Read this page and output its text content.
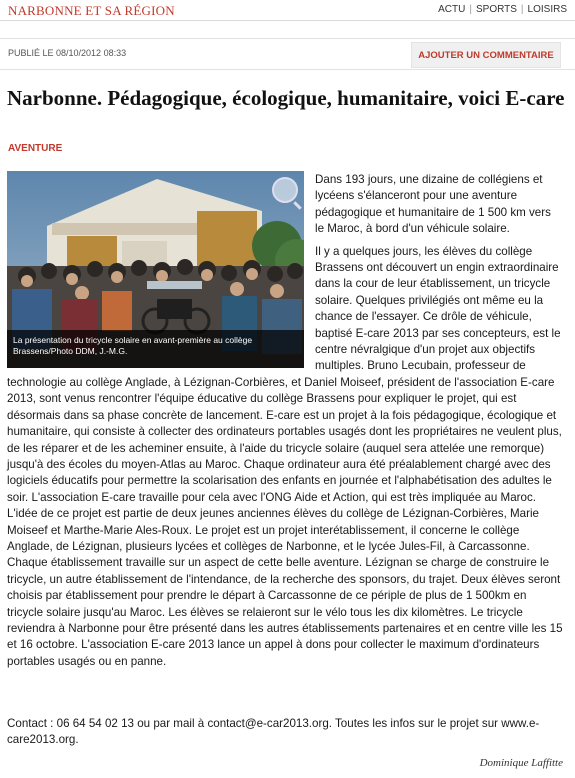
NARBONNE ET SA RÉGION	ACTU | SPORTS | LOISIRS
PUBLIÉ LE 08/10/2012 08:33	AJOUTER UN COMMENTAIRE
Narbonne. Pédagogique, écologique, humanitaire, voici E-care
AVENTURE

Dans 193 jours, une dizaine de collégiens et lycéens s'élanceront pour une aventure pédagogique et humanitaire de 1 500 km vers le Maroc, à bord d'un véhicule solaire.

Il y a quelques jours, les élèves du collège Brassens ont découvert un engin extraordinaire dans la cour de leur établissement, un tricycle solaire. Quelques privilégiés ont même eu la chance de l'essayer. Ce drôle de véhicule, baptisé E-care 2013 par ses concepteurs, est le centre névralgique d'un projet aux objectifs multiples. Bruno Lecubain, professeur de technologie au collège Anglade, à Lézignan-Corbières, et Daniel Moiseef, président de l'association E-care 2013, sont venus rencontrer l'équipe éducative du collège Brassens pour expliquer le projet, qui est désormais dans sa phase concrète de lancement. E-care est un projet à la fois pédagogique, écologique et humanitaire, qui consiste à collecter des ordinateurs portables usagés dont les propriétaires ne veulent plus, de les réparer et de les acheminer ensuite, à l'aide du tricycle solaire (auquel sera attelée une remorque) jusqu'à des écoles du moyen-Atlas au Maroc. Chaque ordinateur aura été préalablement chargé avec des logiciels éducatifs pour permettre la scolarisation des enfants en journée et l'alphabétisation des adultes le soir. L'association E-care travaille pour cela avec l'ONG Aide et Action, qui est très impliquée au Maroc. L'idée de ce projet est partie de deux jeunes anciennes élèves du collège de Lézignan-Corbières, Marie Moiseef et Marthe-Marie Ales-Roux. Le projet est un projet interétablissement, il concerne le collège Anglade, de Lézignan, plusieurs lycées et collèges de Narbonne, et le lycée Jules-Fil, à Carcassonne. Chaque établissement travaille sur un aspect de cette belle aventure. Lézignan se charge de construire le tricycle, un autre établissement de l'intendance, de la recherche des sponsors, du trajet. Deux élèves seront choisis par établissement pour prendre le départ à Carcassonne de ce périple de plus de 1 500km en tricycle solaire jusqu'au Maroc. Les élèves se relaieront sur le vélo tous les dix kilomètres. Le tricycle reviendra à Narbonne pour être présenté dans les autres établissements partenaires et en centre ville les 15 et 16 octobre. L'association E-care 2013 lance un appel à dons pour collecter le maximum d'ordinateurs portables usagés ou en panne.

La présentation du tricycle solaire en avant-première au collège Brassens/Photo DDM, J.-M.G.
Contact : 06 64 54 02 13 ou par mail à contact@e-car2013.org. Toutes les infos sur le projet sur www.e-care2013.org.
Dominique Laffitte
